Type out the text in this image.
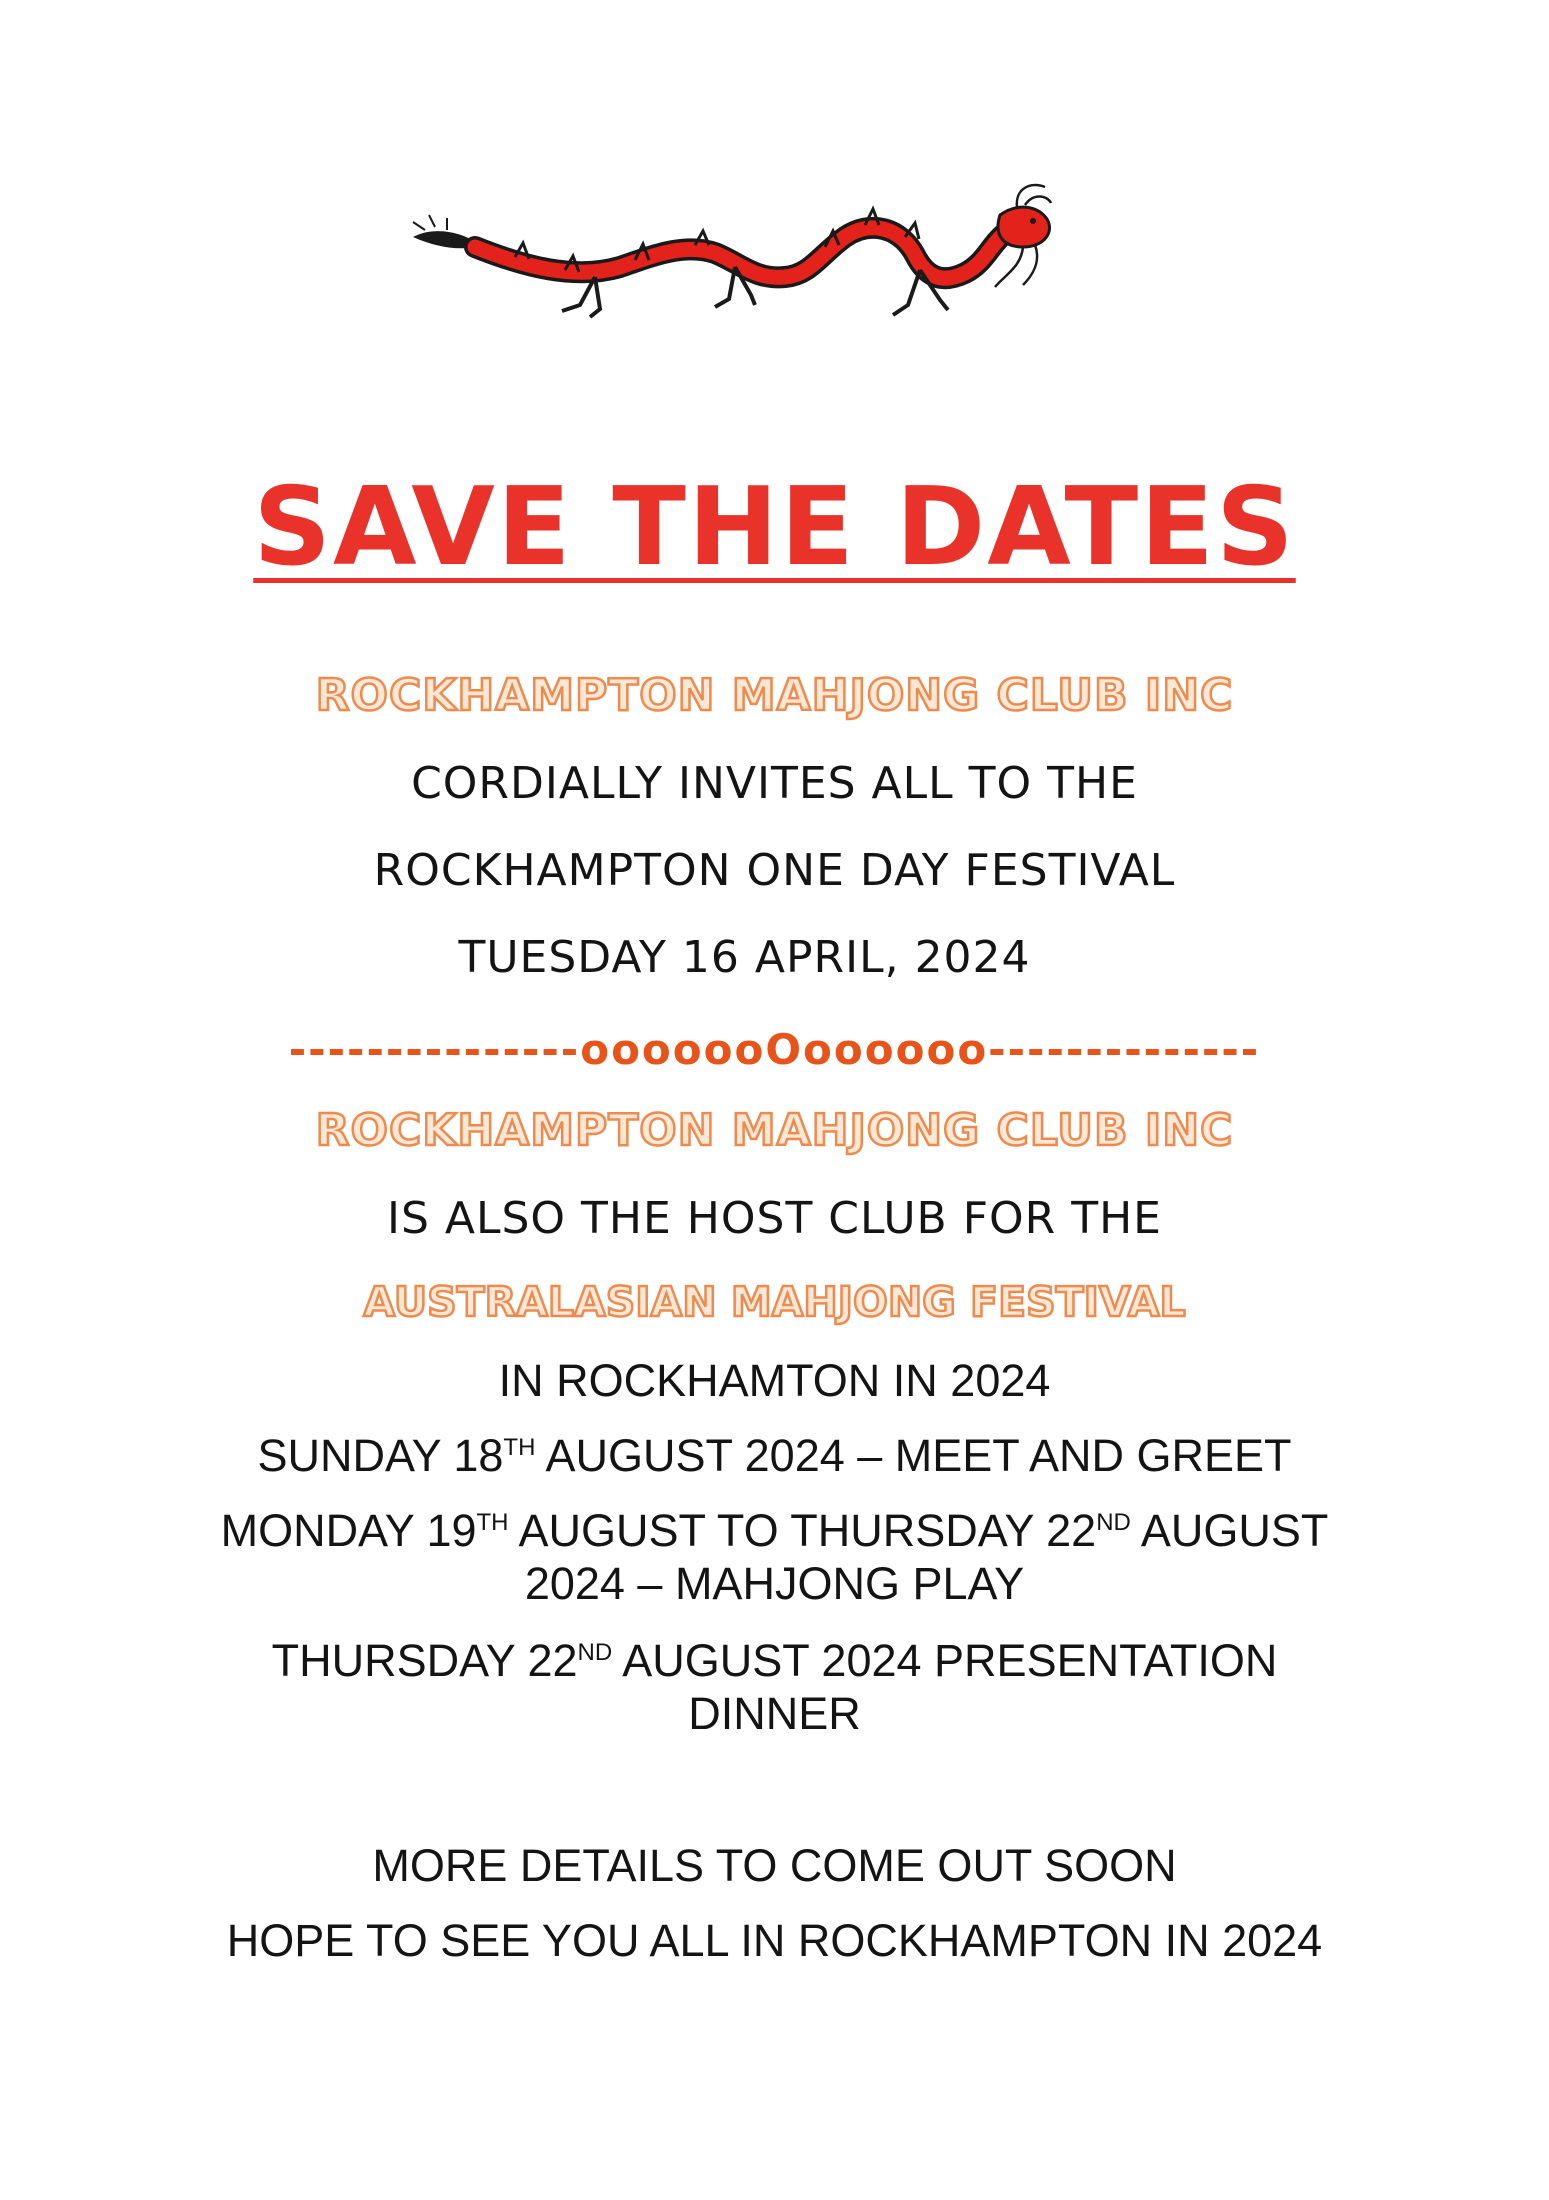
SAVE THE DATES
ROCKHAMPTON MAHJONG CLUB INC
CORDIALLY INVITES ALL TO THE
ROCKHAMPTON ONE DAY FESTIVAL
TUESDAY 16 APRIL, 2024
---------------ooooooOoooooo--------------
ROCKHAMPTON MAHJONG CLUB INC
IS ALSO THE HOST CLUB FOR THE
AUSTRALASIAN MAHJONG FESTIVAL
IN ROCKHAMTON IN 2024
SUNDAY 18TH AUGUST 2024 – MEET AND GREET
MONDAY 19TH AUGUST TO THURSDAY 22ND AUGUST
2024 – MAHJONG PLAY
THURSDAY 22ND AUGUST 2024 PRESENTATION
DINNER
MORE DETAILS TO COME OUT SOON
HOPE TO SEE YOU ALL IN ROCKHAMPTON IN 2024
